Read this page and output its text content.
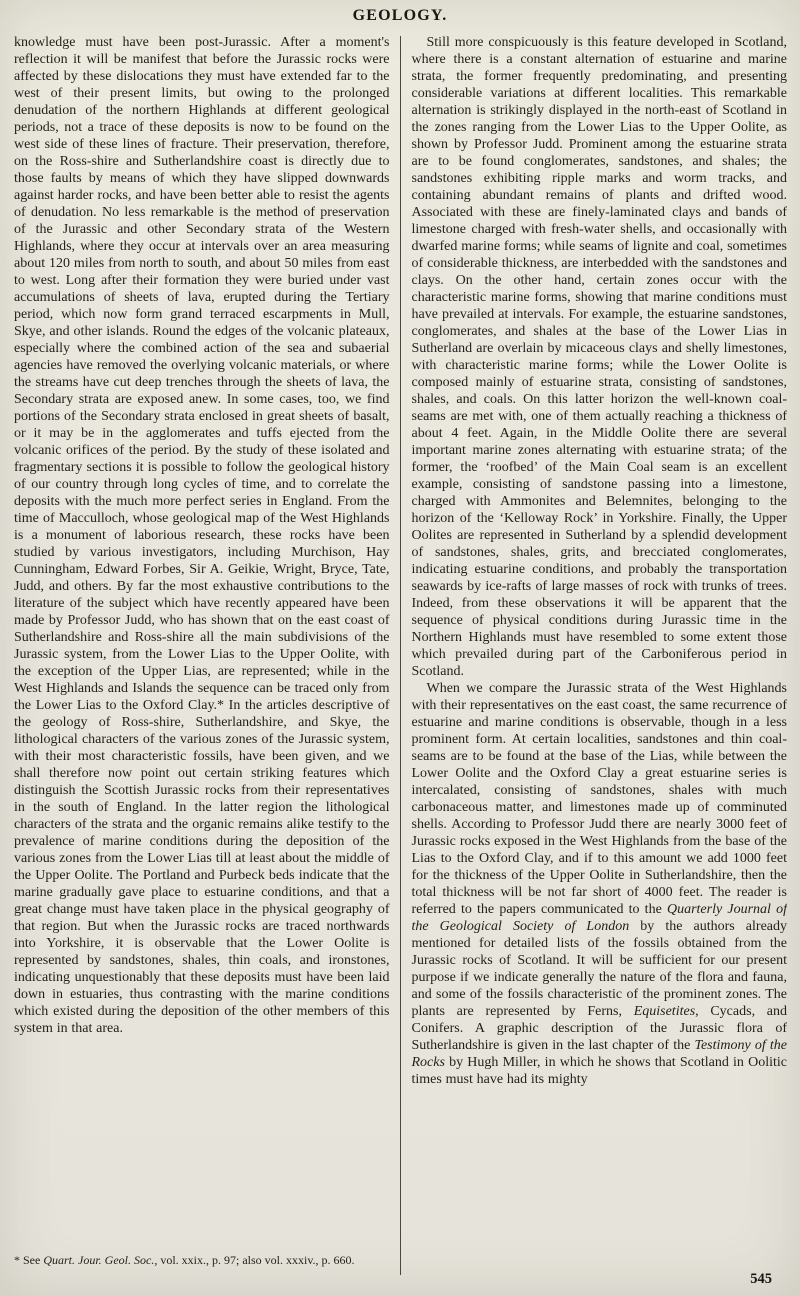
GEOLOGY.

knowledge must have been post-Jurassic. After a moment's reflection it will be manifest that before the Jurassic rocks were affected by these dislocations they must have extended far to the west of their present limits, but owing to the prolonged denudation of the northern Highlands at different geological periods, not a trace of these deposits is now to be found on the west side of these lines of fracture. Their preservation, therefore, on the Ross-shire and Sutherlandshire coast is directly due to those faults by means of which they have slipped downwards against harder rocks, and have been better able to resist the agents of denudation. No less remarkable is the method of preservation of the Jurassic and other Secondary strata of the Western Highlands, where they occur at intervals over an area measuring about 120 miles from north to south, and about 50 miles from east to west. Long after their formation they were buried under vast accumulations of sheets of lava, erupted during the Tertiary period, which now form grand terraced escarpments in Mull, Skye, and other islands. Round the edges of the volcanic plateaux, especially where the combined action of the sea and subaerial agencies have removed the overlying volcanic materials, or where the streams have cut deep trenches through the sheets of lava, the Secondary strata are exposed anew. In some cases, too, we find portions of the Secondary strata enclosed in great sheets of basalt, or it may be in the agglomerates and tuffs ejected from the volcanic orifices of the period. By the study of these isolated and fragmentary sections it is possible to follow the geological history of our country through long cycles of time, and to correlate the deposits with the much more perfect series in England. From the time of Macculloch, whose geological map of the West Highlands is a monument of laborious research, these rocks have been studied by various investigators, including Murchison, Hay Cunningham, Edward Forbes, Sir A. Geikie, Wright, Bryce, Tate, Judd, and others. By far the most exhaustive contributions to the literature of the subject which have recently appeared have been made by Professor Judd, who has shown that on the east coast of Sutherlandshire and Ross-shire all the main subdivisions of the Jurassic system, from the Lower Lias to the Upper Oolite, with the exception of the Upper Lias, are represented; while in the West Highlands and Islands the sequence can be traced only from the Lower Lias to the Oxford Clay.* In the articles descriptive of the geology of Ross-shire, Sutherlandshire, and Skye, the lithological characters of the various zones of the Jurassic system, with their most characteristic fossils, have been given, and we shall therefore now point out certain striking features which distinguish the Scottish Jurassic rocks from their representatives in the south of England. In the latter region the lithological characters of the strata and the organic remains alike testify to the prevalence of marine conditions during the deposition of the various zones from the Lower Lias till at least about the middle of the Upper Oolite. The Portland and Purbeck beds indicate that the marine gradually gave place to estuarine conditions, and that a great change must have taken place in the physical geography of that region. But when the Jurassic rocks are traced northwards into Yorkshire, it is observable that the Lower Oolite is represented by sandstones, shales, thin coals, and ironstones, indicating unquestionably that these deposits must have been laid down in estuaries, thus contrasting with the marine conditions which existed during the deposition of the other members of this system in that area.

* See Quart. Jour. Geol. Soc., vol. xxix., p. 97; also vol. xxxiv., p. 660.

Still more conspicuously is this feature developed in Scotland, where there is a constant alternation of estuarine and marine strata, the former frequently predominating, and presenting considerable variations at different localities. This remarkable alternation is strikingly displayed in the north-east of Scotland in the zones ranging from the Lower Lias to the Upper Oolite, as shown by Professor Judd. Prominent among the estuarine strata are to be found conglomerates, sandstones, and shales; the sandstones exhibiting ripple marks and worm tracks, and containing abundant remains of plants and drifted wood. Associated with these are finely-laminated clays and bands of limestone charged with fresh-water shells, and occasionally with dwarfed marine forms; while seams of lignite and coal, sometimes of considerable thickness, are interbedded with the sandstones and clays. On the other hand, certain zones occur with the characteristic marine forms, showing that marine conditions must have prevailed at intervals. For example, the estuarine sandstones, conglomerates, and shales at the base of the Lower Lias in Sutherland are overlain by micaceous clays and shelly limestones, with characteristic marine forms; while the Lower Oolite is composed mainly of estuarine strata, consisting of sandstones, shales, and coals. On this latter horizon the well-known coal-seams are met with, one of them actually reaching a thickness of about 4 feet. Again, in the Middle Oolite there are several important marine zones alternating with estuarine strata; of the former, the ‘roofbed’ of the Main Coal seam is an excellent example, consisting of sandstone passing into a limestone, charged with Ammonites and Belemnites, belonging to the horizon of the ‘Kelloway Rock’ in Yorkshire. Finally, the Upper Oolites are represented in Sutherland by a splendid development of sandstones, shales, grits, and brecciated conglomerates, indicating estuarine conditions, and probably the transportation seawards by ice-rafts of large masses of rock with trunks of trees. Indeed, from these observations it will be apparent that the sequence of physical conditions during Jurassic time in the Northern Highlands must have resembled to some extent those which prevailed during part of the Carboniferous period in Scotland.

When we compare the Jurassic strata of the West Highlands with their representatives on the east coast, the same recurrence of estuarine and marine conditions is observable, though in a less prominent form. At certain localities, sandstones and thin coal-seams are to be found at the base of the Lias, while between the Lower Oolite and the Oxford Clay a great estuarine series is intercalated, consisting of sandstones, shales with much carbonaceous matter, and limestones made up of comminuted shells. According to Professor Judd there are nearly 3000 feet of Jurassic rocks exposed in the West Highlands from the base of the Lias to the Oxford Clay, and if to this amount we add 1000 feet for the thickness of the Upper Oolite in Sutherlandshire, then the total thickness will be not far short of 4000 feet. The reader is referred to the papers communicated to the Quarterly Journal of the Geological Society of London by the authors already mentioned for detailed lists of the fossils obtained from the Jurassic rocks of Scotland. It will be sufficient for our present purpose if we indicate generally the nature of the flora and fauna, and some of the fossils characteristic of the prominent zones. The plants are represented by Ferns, Equisetites, Cycads, and Conifers. A graphic description of the Jurassic flora of Sutherlandshire is given in the last chapter of the Testimony of the Rocks by Hugh Miller, in which he shows that Scotland in Oolitic times must have had its mighty

545
